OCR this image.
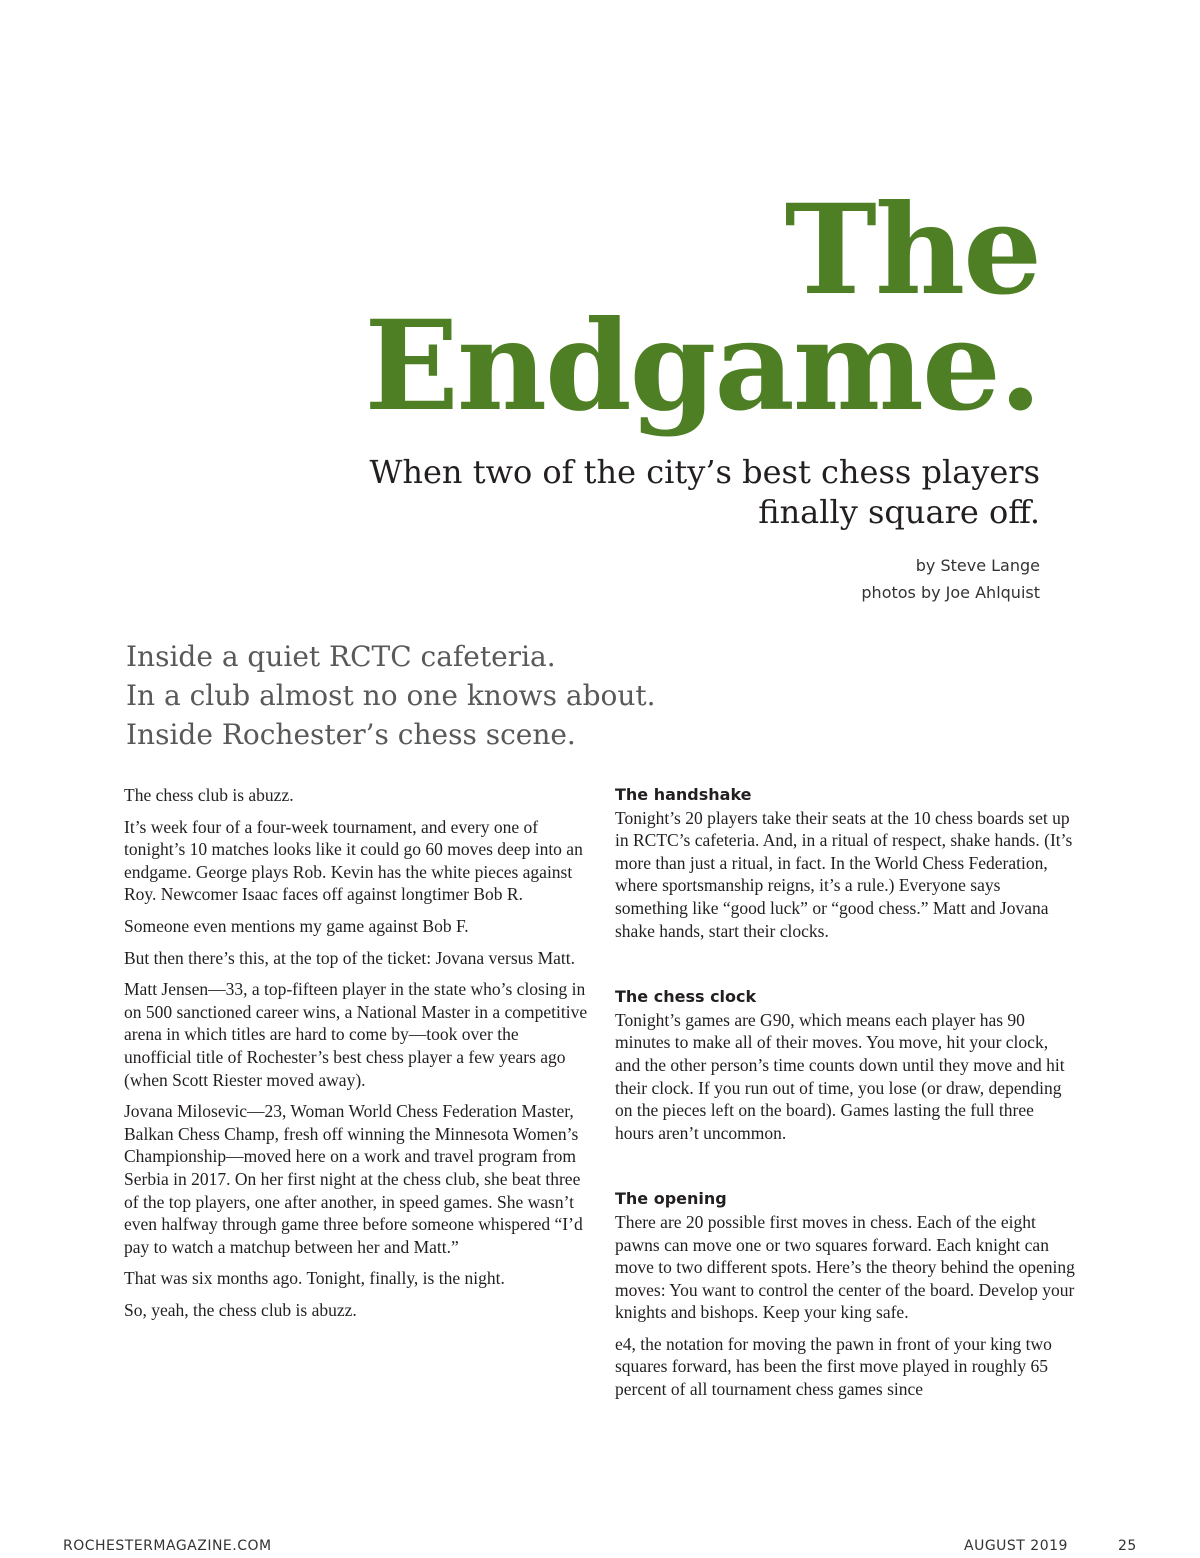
The
Endgame.
When two of the city’s best chess players
finally square off.
by Steve Lange
photos by Joe Ahlquist
Inside a quiet RCTC cafeteria.
In a club almost no one knows about.
Inside Rochester’s chess scene.

The chess club is abuzz.

It’s week four of a four-week tournament, and every one of tonight’s 10 matches looks like it could go 60 moves deep into an endgame. George plays Rob. Kevin has the white pieces against Roy. Newcomer Isaac faces off against longtimer Bob R.

Someone even mentions my game against Bob F.

But then there’s this, at the top of the ticket: Jovana versus Matt.

Matt Jensen—33, a top-fifteen player in the state who’s closing in on 500 sanctioned career wins, a National Master in a competitive arena in which titles are hard to come by—took over the unofficial title of Rochester’s best chess player a few years ago (when Scott Riester moved away).

Jovana Milosevic—23, Woman World Chess Federation Master, Balkan Chess Champ, fresh off winning the Minnesota Women’s Championship—moved here on a work and travel program from Serbia in 2017. On her first night at the chess club, she beat three of the top players, one after another, in speed games. She wasn’t even halfway through game three before someone whispered “I’d pay to watch a matchup between her and Matt.”

That was six months ago. Tonight, finally, is the night.

So, yeah, the chess club is abuzz.

The handshake

Tonight’s 20 players take their seats at the 10 chess boards set up in RCTC’s cafeteria. And, in a ritual of respect, shake hands. (It’s more than just a ritual, in fact. In the World Chess Federation, where sportsmanship reigns, it’s a rule.) Everyone says something like “good luck” or “good chess.” Matt and Jovana shake hands, start their clocks.

The chess clock

Tonight’s games are G90, which means each player has 90 minutes to make all of their moves. You move, hit your clock, and the other person’s time counts down until they move and hit their clock. If you run out of time, you lose (or draw, depending on the pieces left on the board). Games lasting the full three hours aren’t uncommon.

The opening

There are 20 possible first moves in chess. Each of the eight pawns can move one or two squares forward. Each knight can move to two different spots. Here’s the theory behind the opening moves: You want to control the center of the board. Develop your knights and bishops. Keep your king safe.

e4, the notation for moving the pawn in front of your king two squares forward, has been the first move played in roughly 65 percent of all tournament chess games since

ROCHESTERMAGAZINE.COM	AUGUST 2019	25
